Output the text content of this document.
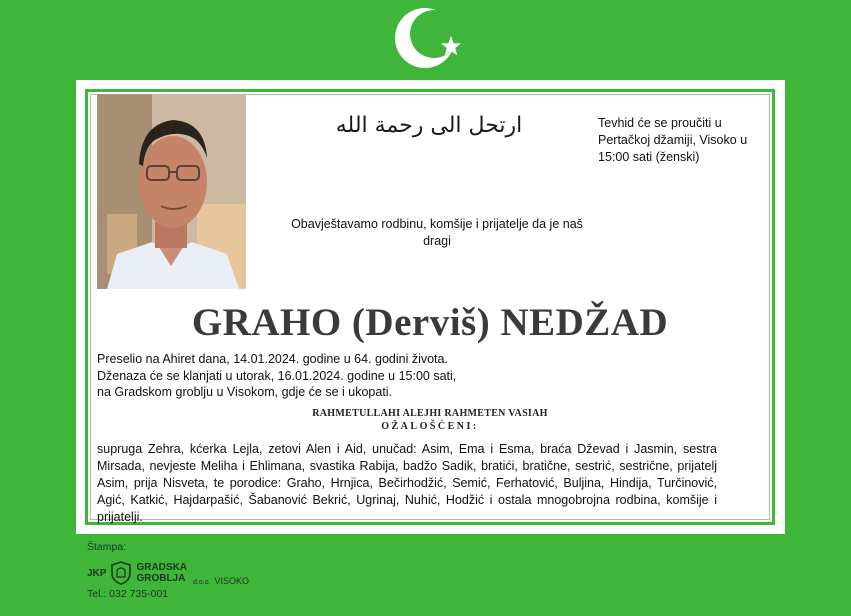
ارتحل الى رحمة الله	Tevhid će se proučiti u Pertačkoj džamiji, Visoko u 15:00 sati (ženski)
Obavještavamo rodbinu, komšije i prijatelje da je naš dragi
GRAHO (Derviš) NEDŽAD
Preselio na Ahiret dana, 14.01.2024. godine u 64. godini života.
Dženaza će se klanjati u utorak, 16.01.2024. godine u 15:00 sati,
na Gradskom groblju u Visokom, gdje će se i ukopati.
RAHMETULLAHI ALEJHI RAHMETEN VASIAH
OŽALOŠĆENI:
supruga Zehra, kćerka Lejla, zetovi Alen i Aid, unučad: Asim, Ema i Esma, braća Dževad i Jasmin, sestra Mirsada, nevjeste Meliha i Ehlimana, svastika Rabija, badžo Sadik, bratići, bratične, sestrić, sestrične, prijatelj Asim, prija Nisveta, te porodice: Graho, Hrnjica, Bečirhodžić, Semić, Ferhatović, Buljina, Hindija, Turčinović, Agić, Katkić, Hajdarpašić, Šabanović Bekrić, Ugrinaj, Nuhić, Hodžić i ostala mnogobrojna rodbina, komšije i prijatelji.
Štampa:
JKP	GRADSKA
GROBLJA d.o.o. VISOKO
Tel.: 032 735-001
